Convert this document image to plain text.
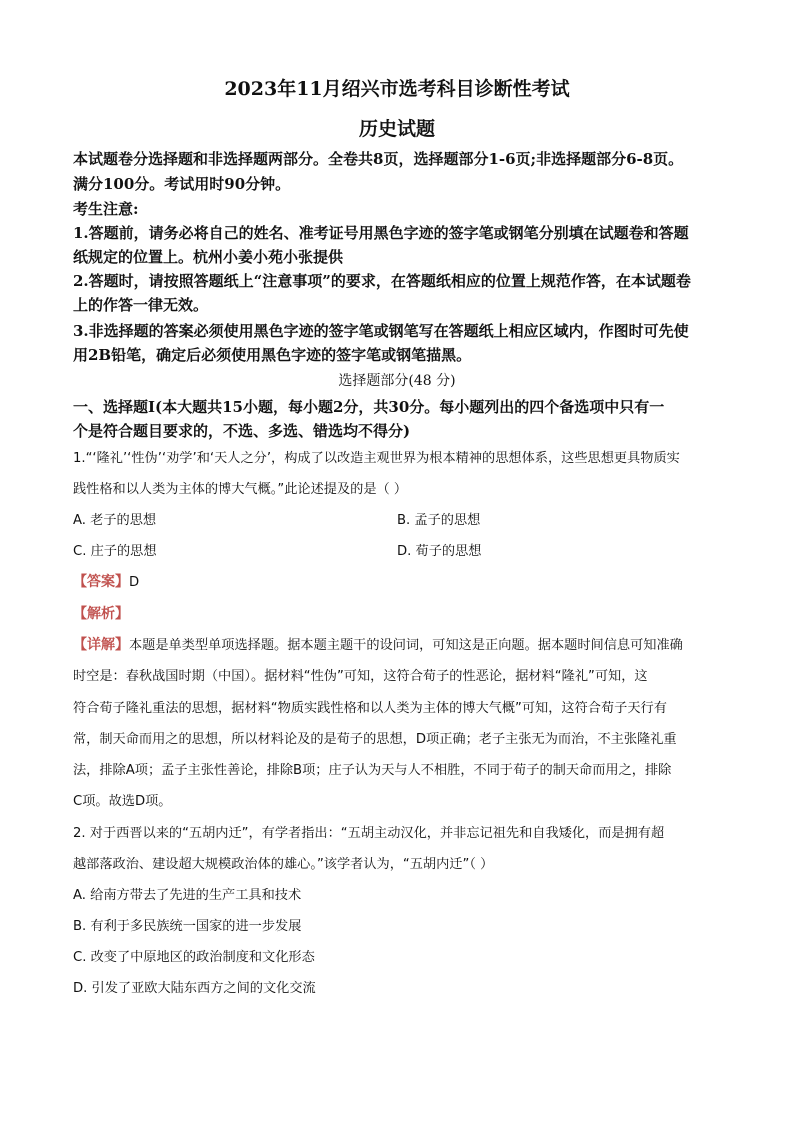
2023年11月绍兴市选考科目诊断性考试
历史试题
本试题卷分选择题和非选择题两部分。全卷共8页，选择题部分1-6页;非选择题部分6-8页。
满分100分。考试用时90分钟。
考生注意:
1.答题前，请务必将自己的姓名、准考证号用黑色字迹的签字笔或钢笔分别填在试题卷和答题
纸规定的位置上。杭州小姜小苑小张提供
2.答题时，请按照答题纸上“注意事项”的要求，在答题纸相应的位置上规范作答，在本试题卷
上的作答一律无效。
3.非选择题的答案必须使用黑色字迹的签字笔或钢笔写在答题纸上相应区域内，作图时可先使
用2B铅笔，确定后必须使用黑色字迹的签字笔或钢笔描黑。
选择题部分(48 分)
一、选择题Ⅰ(本大题共15小题，每小题2分，共30分。每小题列出的四个备选项中只有一
个是符合题目要求的，不选、多选、错选均不得分)
1.“‘隆礼’‘性伪’‘劝学’和‘天人之分’，构成了以改造主观世界为根本精神的思想体系，这些思想更具物质实
践性格和以人类为主体的博大气概。”此论述提及的是（ ）
A. 老子的思想	B. 孟子的思想
C. 庄子的思想	D. 荀子的思想
【答案】D
【解析】
【详解】本题是单类型单项选择题。据本题主题干的设问词，可知这是正向题。据本题时间信息可知准确
时空是：春秋战国时期（中国）。据材料“性伪”可知，这符合荀子的性恶论，据材料“隆礼”可知，这
符合荀子隆礼重法的思想，据材料“物质实践性格和以人类为主体的博大气概”可知，这符合荀子天行有
常，制天命而用之的思想，所以材料论及的是荀子的思想，D项正确；老子主张无为而治，不主张隆礼重
法，排除A项；孟子主张性善论，排除B项；庄子认为天与人不相胜，不同于荀子的制天命而用之，排除
C项。故选D项。
2. 对于西晋以来的“五胡内迁”，有学者指出：“五胡主动汉化，并非忘记祖先和自我矮化，而是拥有超
越部落政治、建设超大规模政治体的雄心。”该学者认为，“五胡内迁”（ ）
A. 给南方带去了先进的生产工具和技术
B. 有利于多民族统一国家的进一步发展
C. 改变了中原地区的政治制度和文化形态
D. 引发了亚欧大陆东西方之间的文化交流
